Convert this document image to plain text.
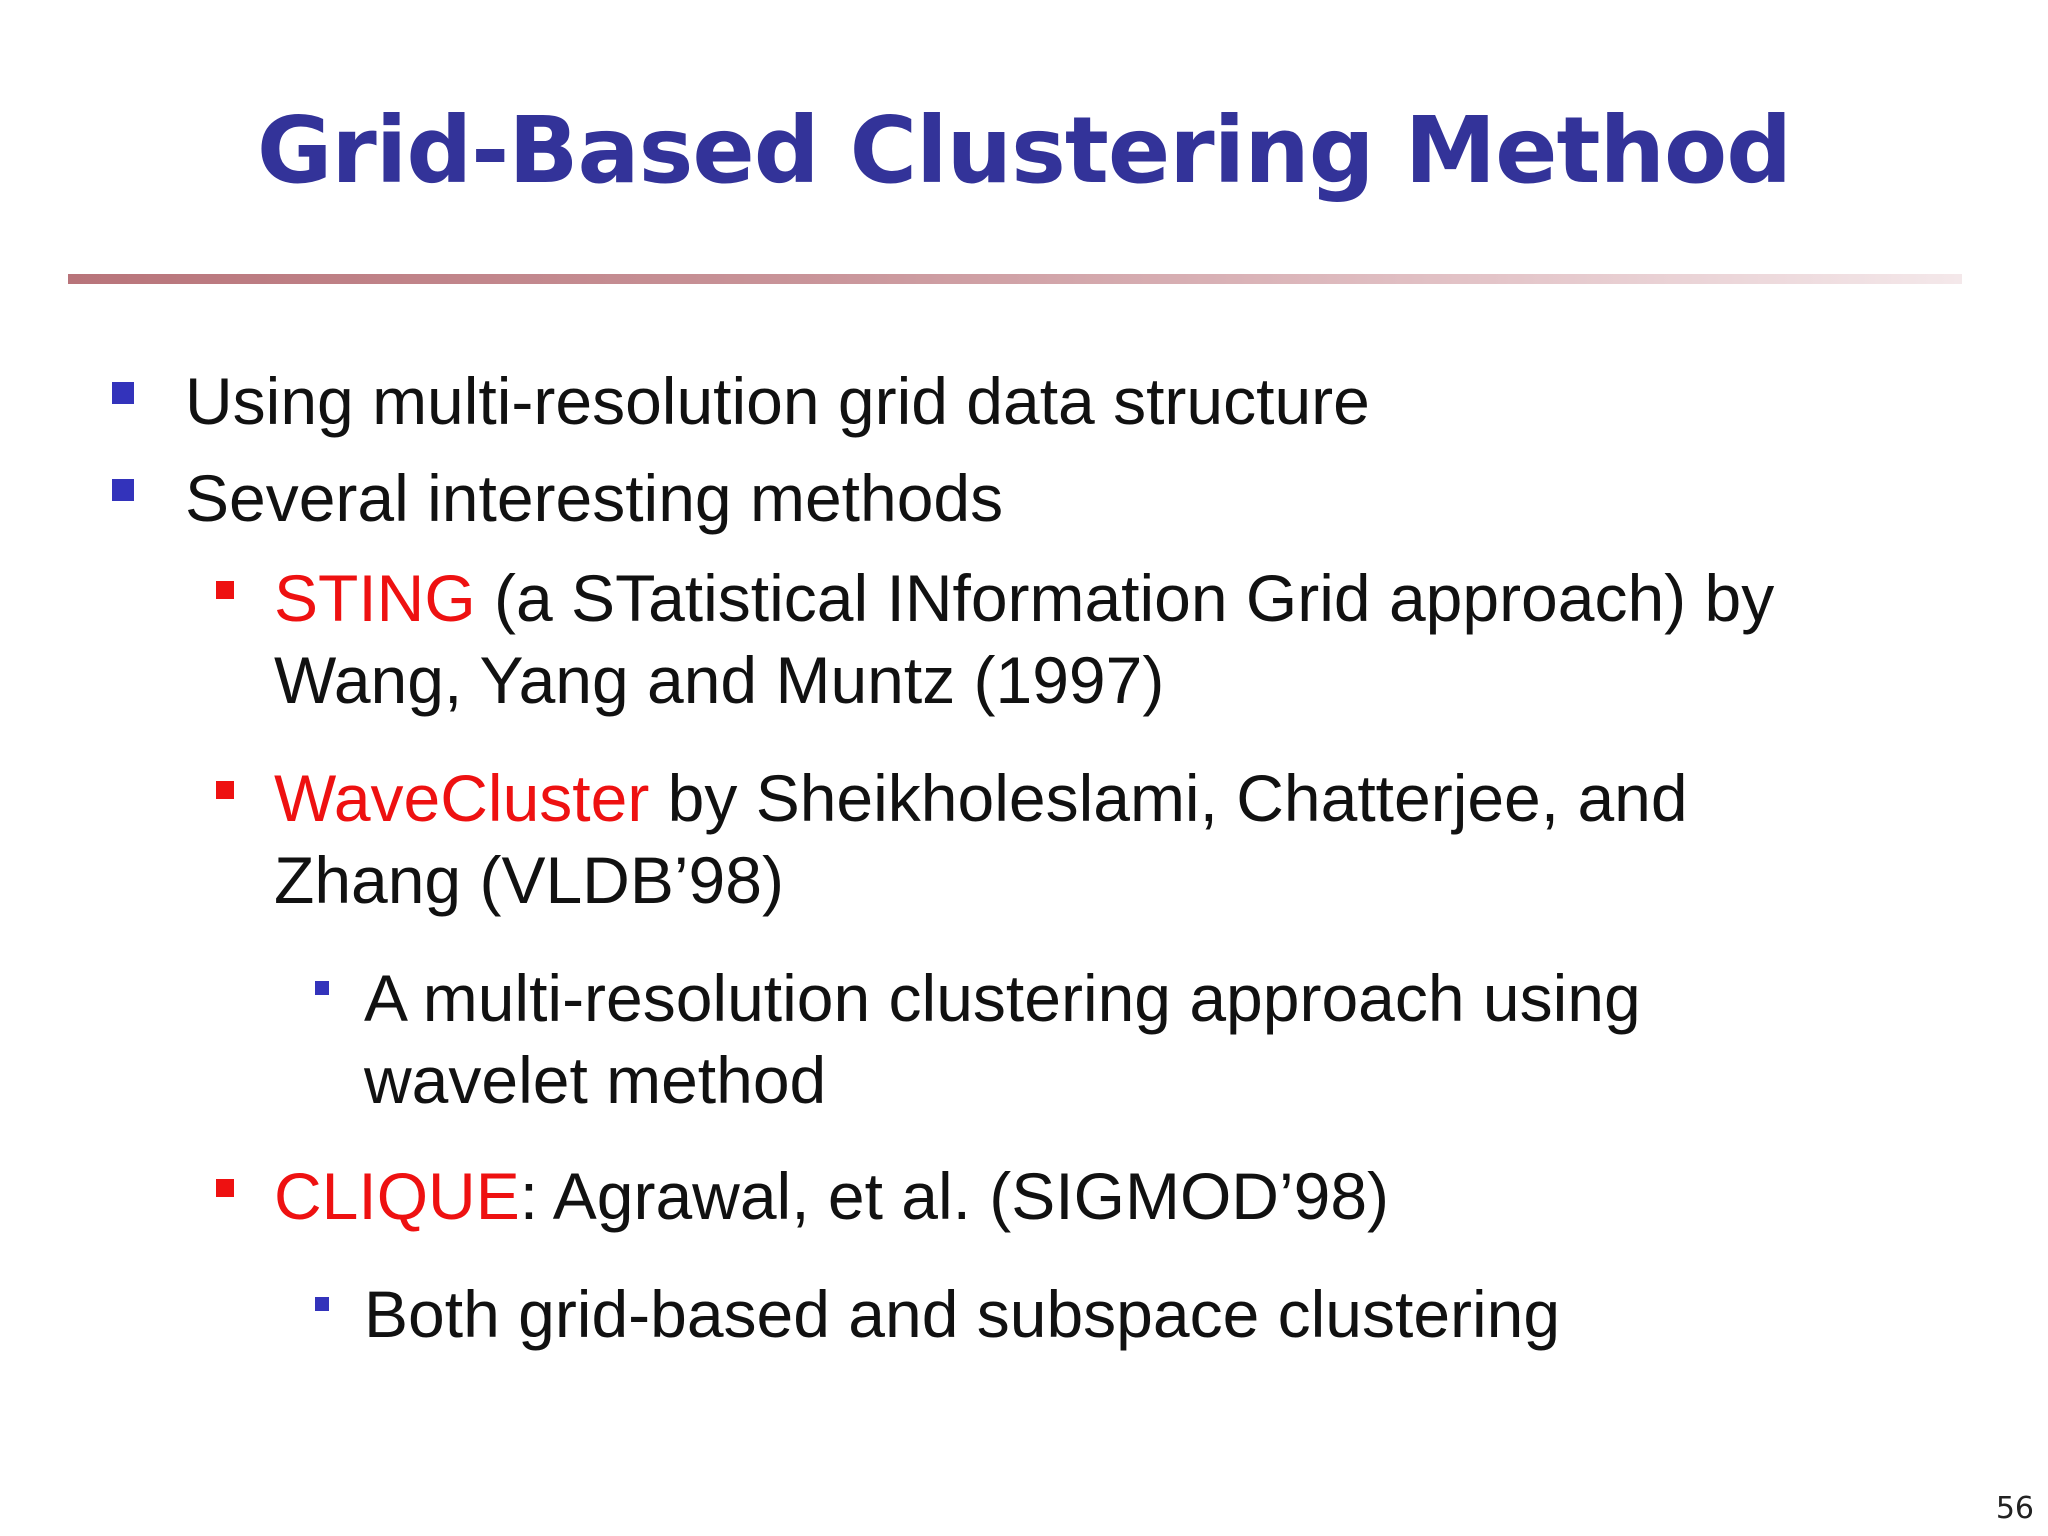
Grid-Based Clustering Method
Using multi-resolution grid data structure
Several interesting methods
STING (a STatistical INformation Grid approach) by
Wang, Yang and Muntz (1997)
WaveCluster by Sheikholeslami, Chatterjee, and
Zhang (VLDB’98)
A multi-resolution clustering approach using
wavelet method
CLIQUE: Agrawal, et al. (SIGMOD’98)
Both grid-based and subspace clustering
56
